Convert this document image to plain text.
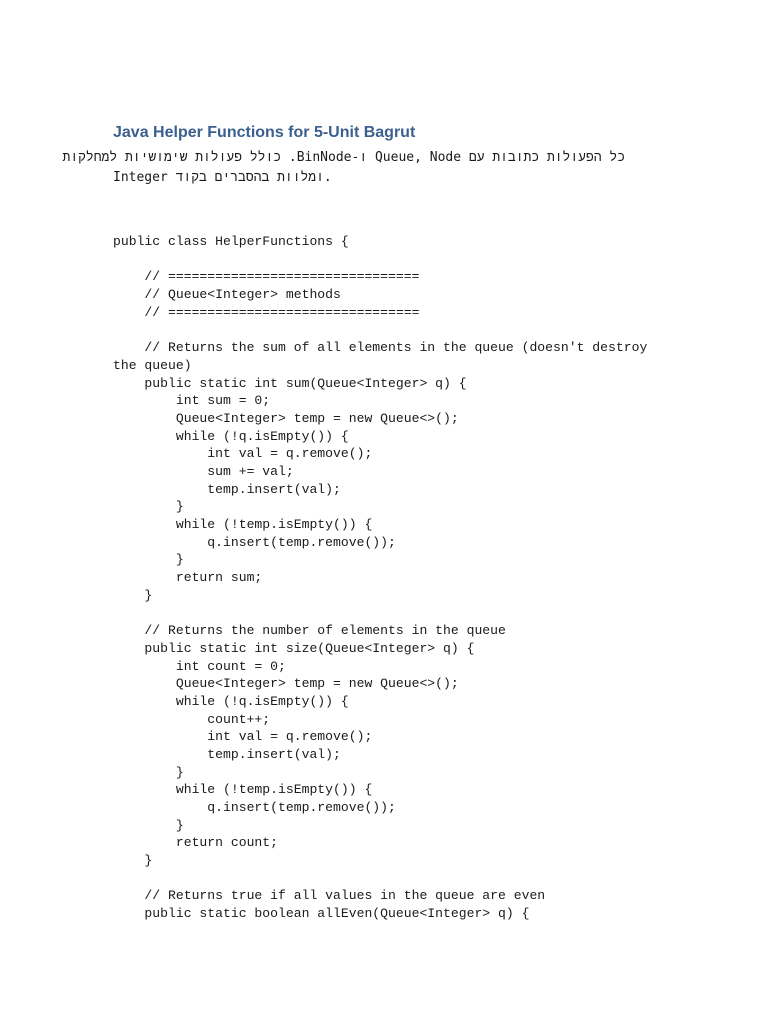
Java Helper Functions for 5-Unit Bagrut
כל הפעולות כתובות עם Queue, Node ו-BinNode. כולל פעולות שימושיות למחלקות
Integer ומלוות בהסברים בקוד.
public class HelperFunctions {
// ================================
// Queue<Integer> methods
// ================================
// Returns the sum of all elements in the queue (doesn't destroy
the queue)
public static int sum(Queue<Integer> q) {
int sum = 0;
Queue<Integer> temp = new Queue<>();
while (!q.isEmpty()) {
int val = q.remove();
sum += val;
temp.insert(val);
}
while (!temp.isEmpty()) {
q.insert(temp.remove());
}
return sum;
}
// Returns the number of elements in the queue
public static int size(Queue<Integer> q) {
int count = 0;
Queue<Integer> temp = new Queue<>();
while (!q.isEmpty()) {
count++;
int val = q.remove();
temp.insert(val);
}
while (!temp.isEmpty()) {
q.insert(temp.remove());
}
return count;
}
// Returns true if all values in the queue are even
public static boolean allEven(Queue<Integer> q) {
